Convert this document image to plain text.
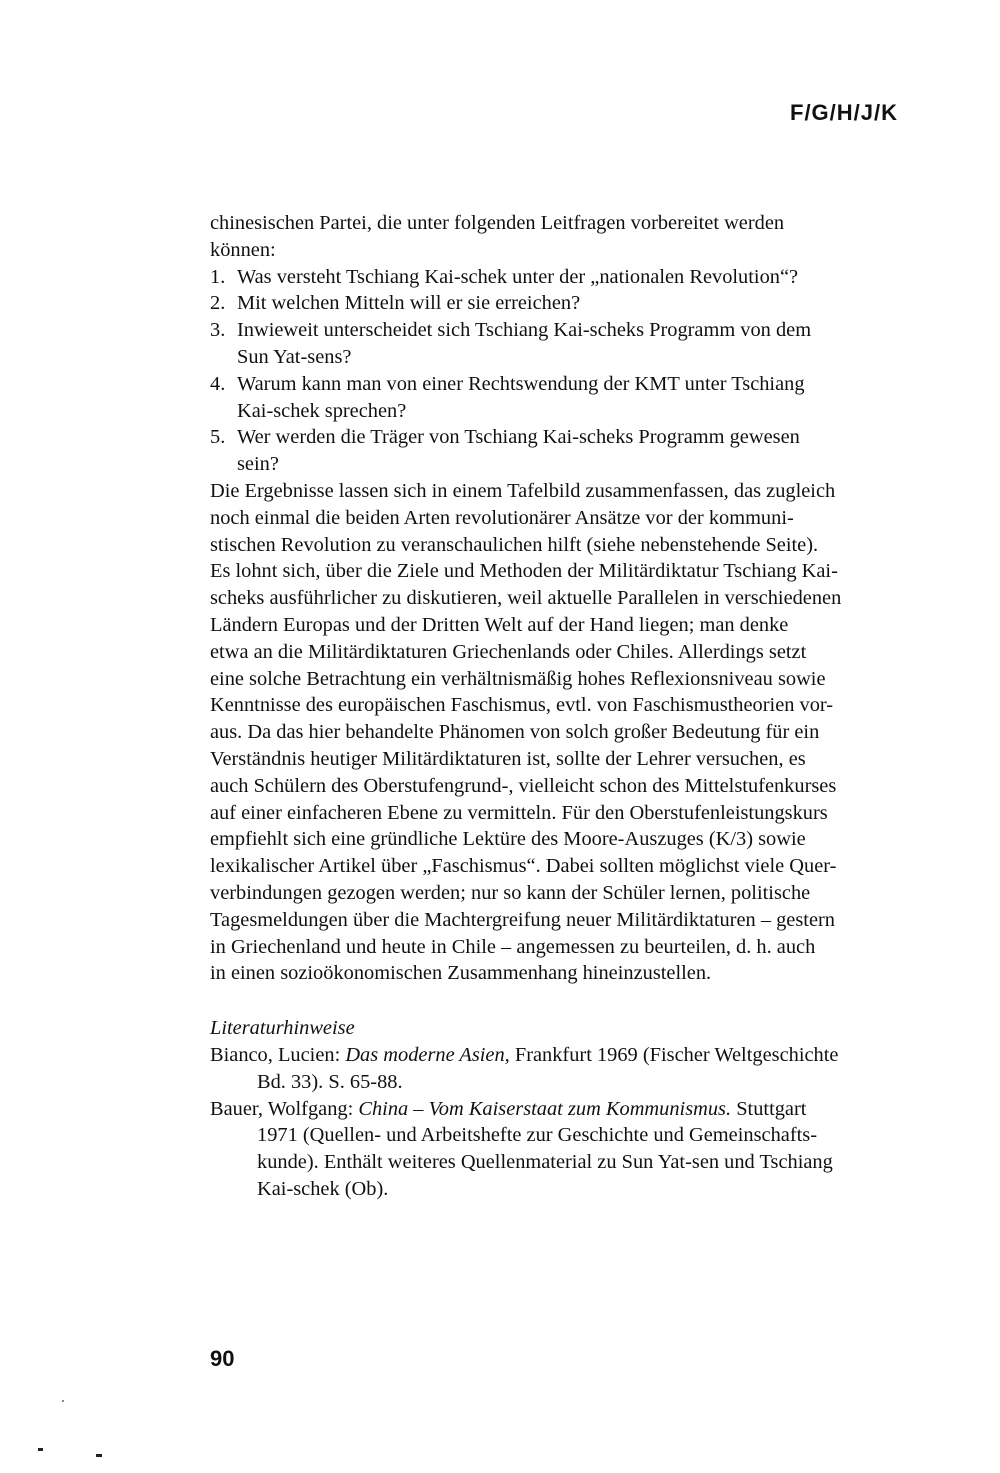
F/G/H/J/K
chinesischen Partei, die unter folgenden Leitfragen vorbereitet werden
können:
1. Was versteht Tschiang Kai-schek unter der „nationalen Revolution“?
2. Mit welchen Mitteln will er sie erreichen?
3. Inwieweit unterscheidet sich Tschiang Kai-scheks Programm von dem
Sun Yat-sens?
4. Warum kann man von einer Rechtswendung der KMT unter Tschiang
Kai-schek sprechen?
5. Wer werden die Träger von Tschiang Kai-scheks Programm gewesen
sein?
Die Ergebnisse lassen sich in einem Tafelbild zusammenfassen, das zugleich
noch einmal die beiden Arten revolutionärer Ansätze vor der kommuni-
stischen Revolution zu veranschaulichen hilft (siehe nebenstehende Seite).
Es lohnt sich, über die Ziele und Methoden der Militärdiktatur Tschiang Kai-
scheks ausführlicher zu diskutieren, weil aktuelle Parallelen in verschiedenen
Ländern Europas und der Dritten Welt auf der Hand liegen; man denke
etwa an die Militärdiktaturen Griechenlands oder Chiles. Allerdings setzt
eine solche Betrachtung ein verhältnismäßig hohes Reflexionsniveau sowie
Kenntnisse des europäischen Faschismus, evtl. von Faschismustheorien vor-
aus. Da das hier behandelte Phänomen von solch großer Bedeutung für ein
Verständnis heutiger Militärdiktaturen ist, sollte der Lehrer versuchen, es
auch Schülern des Oberstufengrund-, vielleicht schon des Mittelstufenkurses
auf einer einfacheren Ebene zu vermitteln. Für den Oberstufenleistungskurs
empfiehlt sich eine gründliche Lektüre des Moore-Auszuges (K/3) sowie
lexikalischer Artikel über „Faschismus“. Dabei sollten möglichst viele Quer-
verbindungen gezogen werden; nur so kann der Schüler lernen, politische
Tagesmeldungen über die Machtergreifung neuer Militärdiktaturen – gestern
in Griechenland und heute in Chile – angemessen zu beurteilen, d. h. auch
in einen sozioökonomischen Zusammenhang hineinzustellen.
Literaturhinweise
Bianco, Lucien: Das moderne Asien, Frankfurt 1969 (Fischer Weltgeschichte
Bd. 33). S. 65-88.
Bauer, Wolfgang: China – Vom Kaiserstaat zum Kommunismus. Stuttgart
1971 (Quellen- und Arbeitshefte zur Geschichte und Gemeinschafts-
kunde). Enthält weiteres Quellenmaterial zu Sun Yat-sen und Tschiang
Kai-schek (Ob).
90
